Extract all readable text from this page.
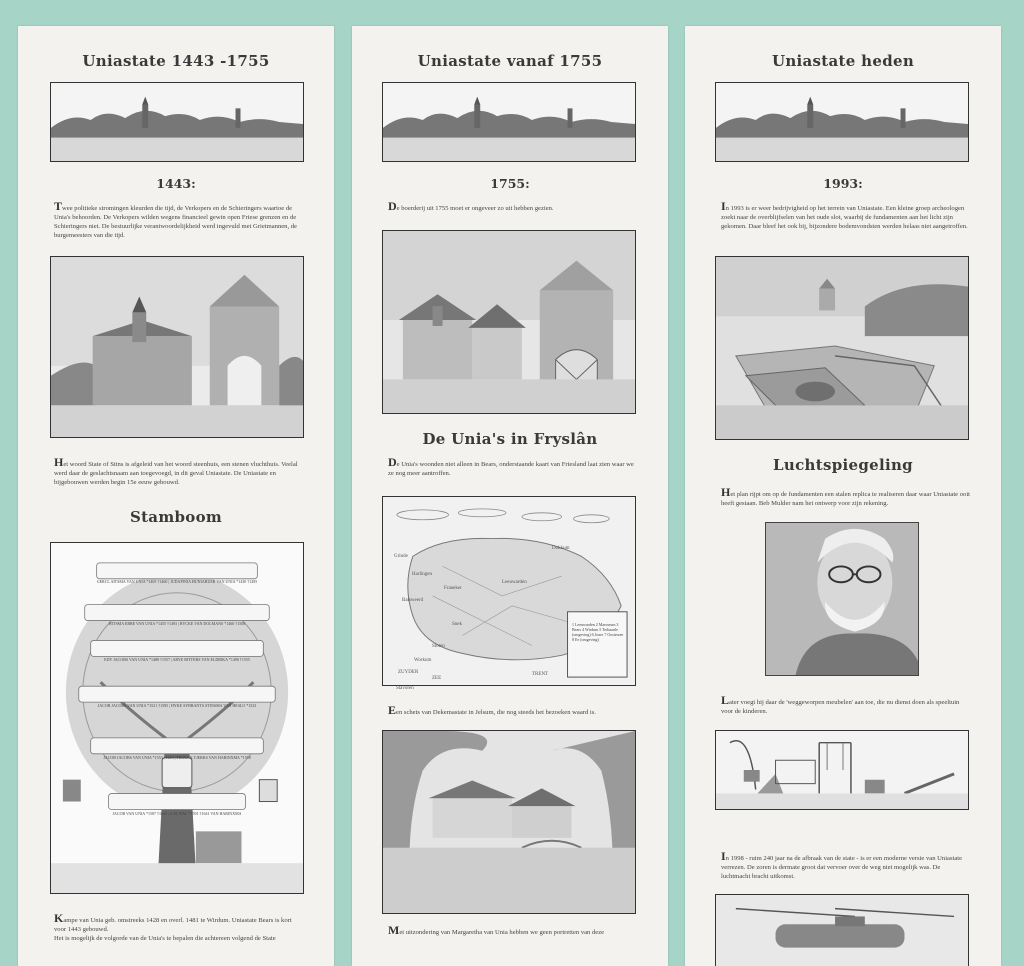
Uniastate 1443 -1755
1443:
Twee politieke stromingen kleurden die tijd, de Verkopers en de Schieringers waartoe de Unia's behoorden. De Verkopers wilden wegens financieel gewin open Friese grenzen en de Schieringers niet. De bestuurlijke verantwoordelijkheid werd ingevuld met Grietmannen, de burgemeesters van die tijd.
Het woord State of Stins is afgeleid van het woord steenhuis, een stenen vluchthuis. Veelal werd daar de geslachtsnaam aan toegevoegd, in dit geval Uniastate. De Uniastate en bijgebouwen werden begin 15e eeuw gebouwd.
Stamboom
GERCL AITSMA VAN UNIA *1405 †1460 | JUDAPINIA HUNIABUER VAN UNIA *1430 †1495
HITSMA EBBE VAN UNIA *1455 †1493 | BYCKE VAN DOLMANS *1460 †1508
EDY JACOBS VAN UNIA *1488 †1557 | ARYE BITTERS VAN ELDRIKA *1490 †1555
JACOB JACOBS VAN UNIA *1521 †1585 | HYKE SYBRANTS STINSMA VAN HESLO *1523
JACOB JACOBS VAN UNIA *1553 †1613 | FROUCK TJERKS VAN HARINXMA *1558
JACOB VAN UNIA *1587 †1643 | A.M. WAL *1591 †1641 VAN HARINXMA
Kampe van Unia geb. omstreeks 1428 en overl. 1481 te Wirdum. Uniastate Bears is kort voor 1443 gebouwd.
Het is mogelijk de volgorde van de Unia's te bepalen die achtereen volgend de State
Uniastate vanaf 1755
1755:
De boerderij uit 1755 moet er ongeveer zo uit hebben gezien.
De Unia's in Fryslân
De Unia's woonden niet alleen in Bears, onderstaande kaart van Friesland laat zien waar we ze nog meer aantroffen.
Grinde
Harlingen
Balsweerd
Franeker
Leeuwarden
Snek
Sloten
ZUYDER
ZEE
Workum
Stavoren
Dokkum
TRENT
1 Leeuwarden 2 Marsseum 3 Bears 4 Wirdum 5 Terhaanle (omgeving) 6 Joure 7 Oosterzee 8 Ee (omgeving)
Een schets van Dekemastate in Jelsum, die nog steeds het bezoeken waard is.
Met uitzondering van Margaretha van Unia hebben we geen portretten van deze
Uniastate heden
1993:
In 1993 is er weer bedrijvigheid op het terrein van Uniastate. Een kleine groep archeologen zoekt naar de overblijfselen van het oude slot, waarbij de fundamenten aan het licht zijn gekomen. Daar bleef het ook bij, bijzondere bodemvondsten werden helaas niet aangetroffen.
Luchtspiegeling
Het plan rijpt om op de fundamenten een stalen replica te realiseren daar waar Uniastate ooit heeft gestaan. Beb Mulder nam het ontwerp voor zijn rekening.
Later voegt hij daar de 'weggeworpen meubelen' aan toe, die nu dienst doen als speeltuin voor de kinderen.
In 1998 - ruim 240 jaar na de afbraak van de state - is er een moderne versie van Uniastate verrezen. De zoren is dermate groot dat vervoer over de weg niet mogelijk was. De luchtmacht bracht uitkomst.
